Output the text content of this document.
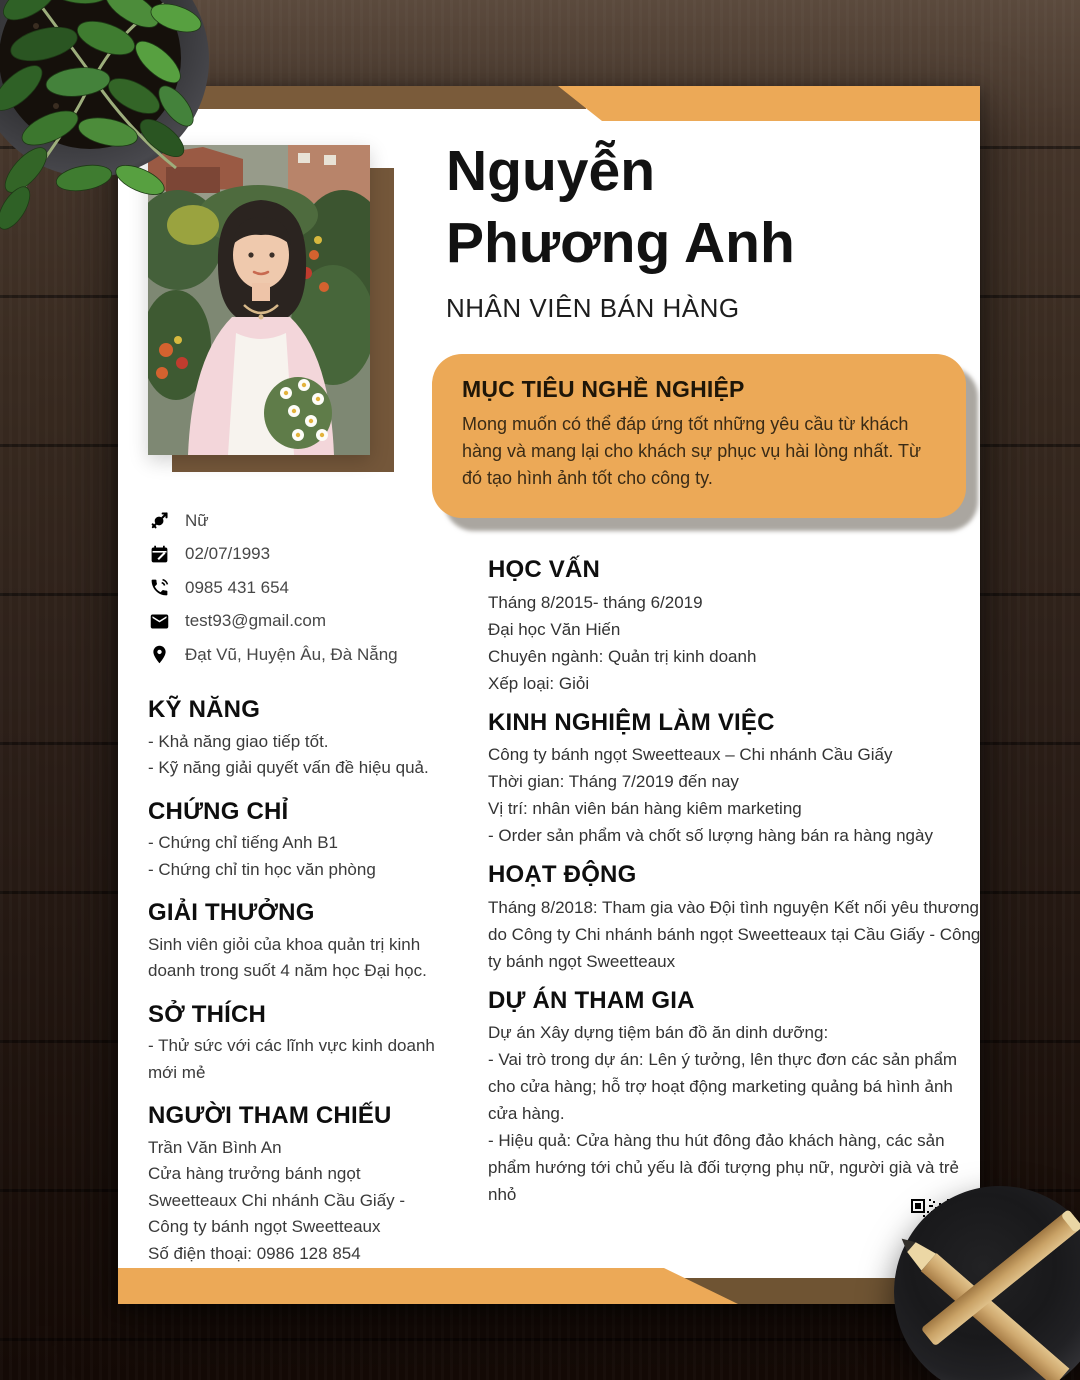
Nguyễn
Phương Anh
NHÂN VIÊN BÁN HÀNG
MỤC TIÊU NGHỀ NGHIỆP

Mong muốn có thể đáp ứng tốt những yêu cầu từ khách hàng và mang lại cho khách sự phục vụ hài lòng nhất. Từ đó tạo hình ảnh tốt cho công ty.

Nữ
02/07/1993
0985 431 654
test93@gmail.com
Đạt Vũ, Huyện Âu, Đà Nẵng
KỸ NĂNG

- Khả năng giao tiếp tốt.

- Kỹ năng giải quyết vấn đề hiệu quả.

CHỨNG CHỈ

- Chứng chỉ tiếng Anh B1

- Chứng chỉ tin học văn phòng

GIẢI THƯỞNG

Sinh viên giỏi của khoa quản trị kinh doanh trong suốt 4 năm học Đại học.

SỞ THÍCH

- Thử sức với các lĩnh vực kinh doanh mới mẻ

NGƯỜI THAM CHIẾU

Trần Văn Bình An

Cửa hàng trưởng bánh ngọt

Sweetteaux Chi nhánh Cầu Giấy -

Công ty bánh ngọt Sweetteaux

Số điện thoại: 0986 128 854

HỌC VẤN

Tháng 8/2015- tháng 6/2019

Đại học Văn Hiến

Chuyên ngành: Quản trị kinh doanh

Xếp loại: Giỏi

KINH NGHIỆM LÀM VIỆC

Công ty bánh ngọt Sweetteaux – Chi nhánh Cầu Giấy

Thời gian: Tháng 7/2019 đến nay

Vị trí: nhân viên bán hàng kiêm marketing

- Order sản phẩm và chốt số lượng hàng bán ra hàng ngày

HOẠT ĐỘNG

Tháng 8/2018: Tham gia vào Đội tình nguyện Kết nối yêu thương do Công ty Chi nhánh bánh ngọt Sweetteaux tại Cầu Giấy - Công ty bánh ngọt Sweetteaux

DỰ ÁN THAM GIA

Dự án Xây dựng tiệm bán đồ ăn dinh dưỡng:

- Vai trò trong dự án: Lên ý tưởng, lên thực đơn các sản phẩm cho cửa hàng; hỗ trợ hoạt động marketing quảng bá hình ảnh cửa hàng.

- Hiệu quả: Cửa hàng thu hút đông đảo khách hàng, các sản phẩm hướng tới chủ yếu là đối tượng phụ nữ, người già và trẻ nhỏ
